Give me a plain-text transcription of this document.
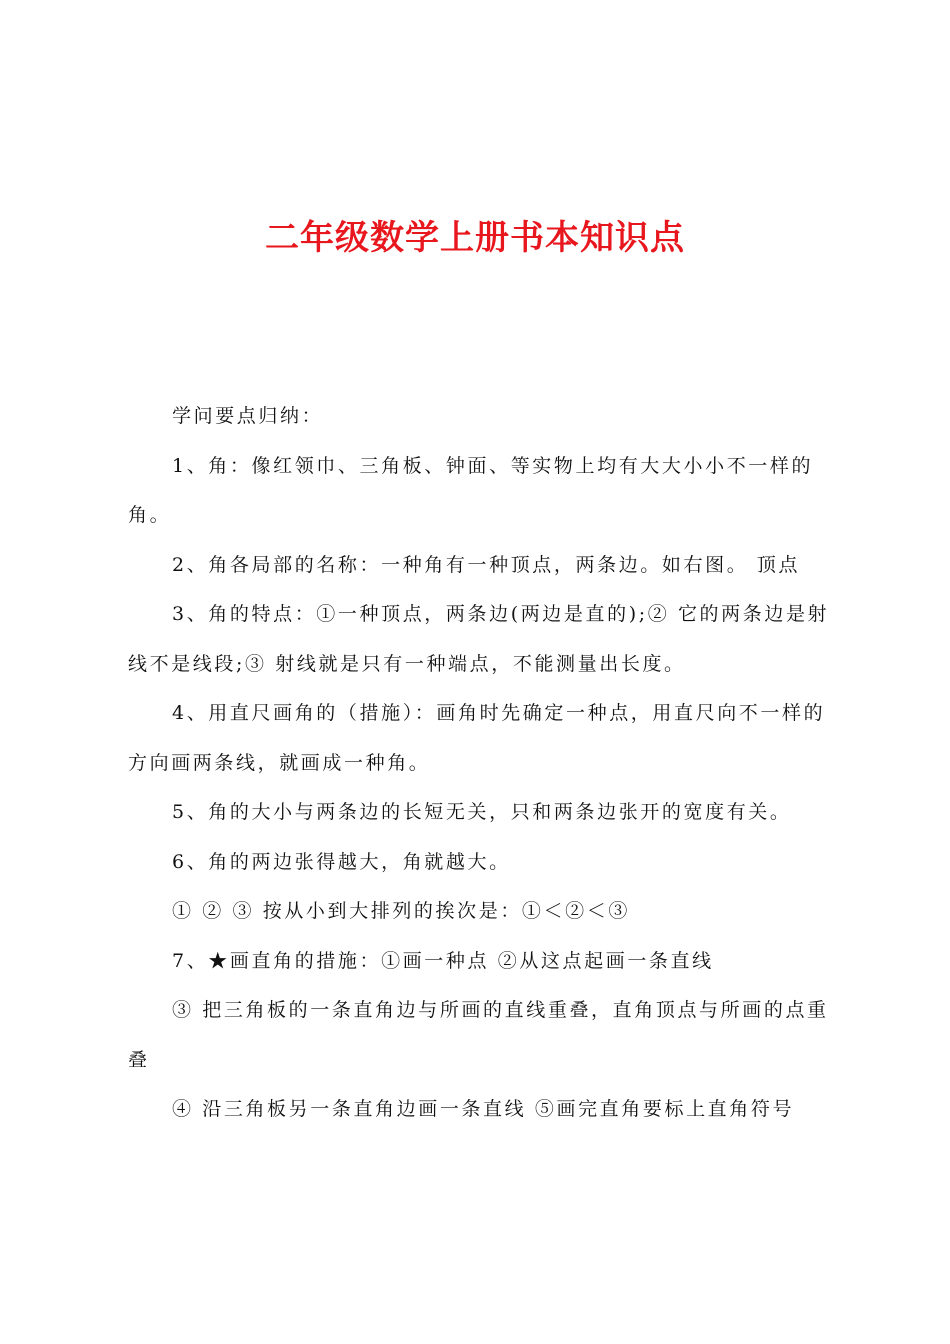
二年级数学上册书本知识点

学问要点归纳：

1、角：像红领巾、三角板、钟面、等实物上均有大大小小不一样的角。

2、角各局部的名称：一种角有一种顶点，两条边。如右图。 顶点

3、角的特点：①一种顶点，两条边(两边是直的);② 它的两条边是射线不是线段;③ 射线就是只有一种端点，不能测量出长度。

4、用直尺画角的（措施）：画角时先确定一种点，用直尺向不一样的方向画两条线，就画成一种角。

5、角的大小与两条边的长短无关，只和两条边张开的宽度有关。

6、角的两边张得越大，角就越大。

① ② ③ 按从小到大排列的挨次是：①＜②＜③

7、★画直角的措施：①画一种点 ②从这点起画一条直线

③ 把三角板的一条直角边与所画的直线重叠，直角顶点与所画的点重叠

④ 沿三角板另一条直角边画一条直线 ⑤画完直角要标上直角符号
